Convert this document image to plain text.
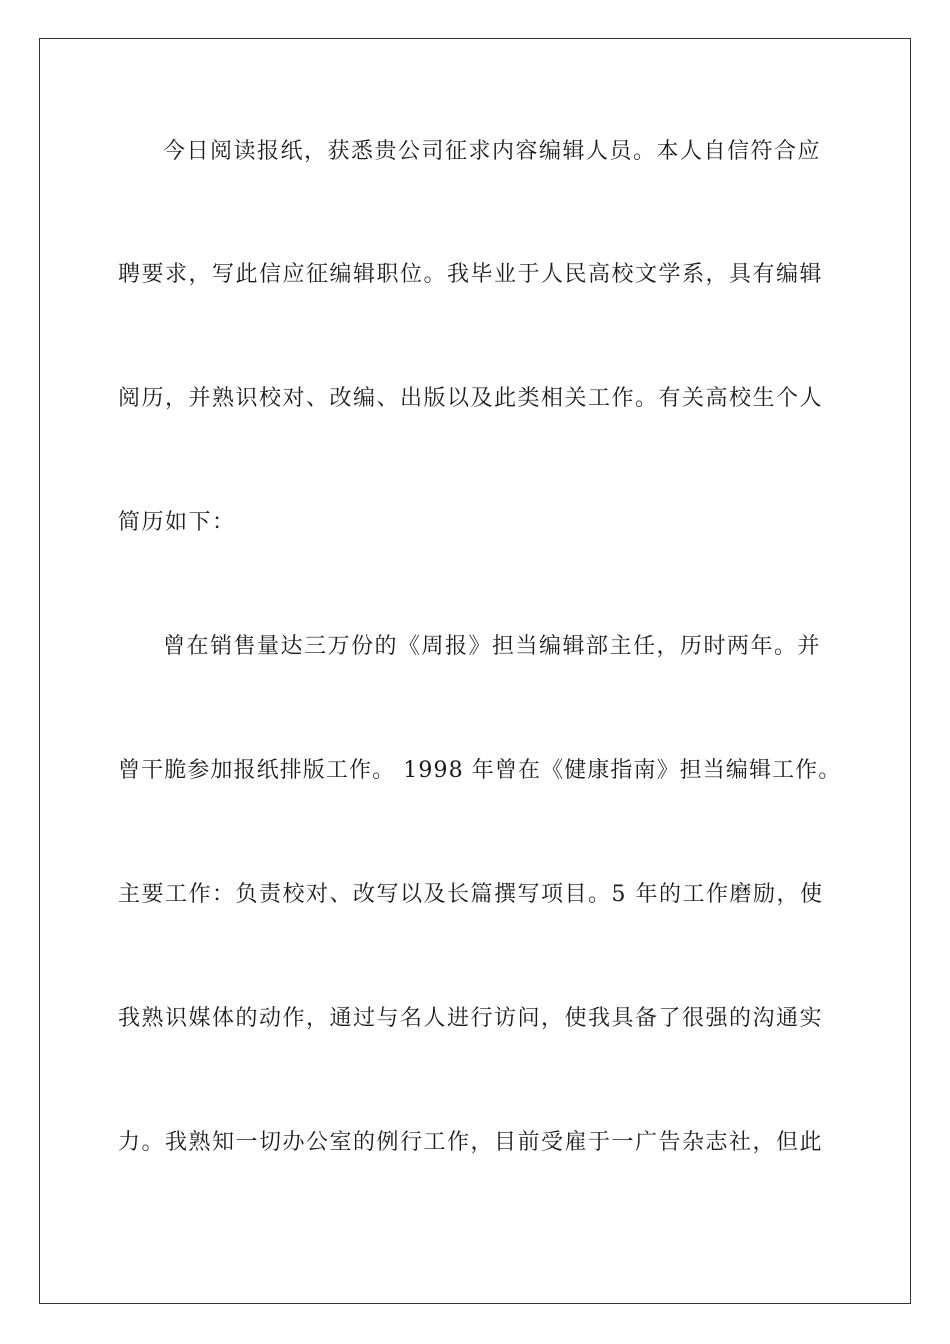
今日阅读报纸，获悉贵公司征求内容编辑人员。本人自信符合应
聘要求，写此信应征编辑职位。我毕业于人民高校文学系，具有编辑
阅历，并熟识校对、改编、出版以及此类相关工作。有关高校生个人
简历如下：
曾在销售量达三万份的《周报》担当编辑部主任，历时两年。并
曾干脆参加报纸排版工作。 1998 年曾在《健康指南》担当编辑工作。
主要工作：负责校对、改写以及长篇撰写项目。5 年的工作磨励，使
我熟识媒体的动作，通过与名人进行访问，使我具备了很强的沟通实
力。我熟知一切办公室的例行工作，目前受雇于一广告杂志社，但此
